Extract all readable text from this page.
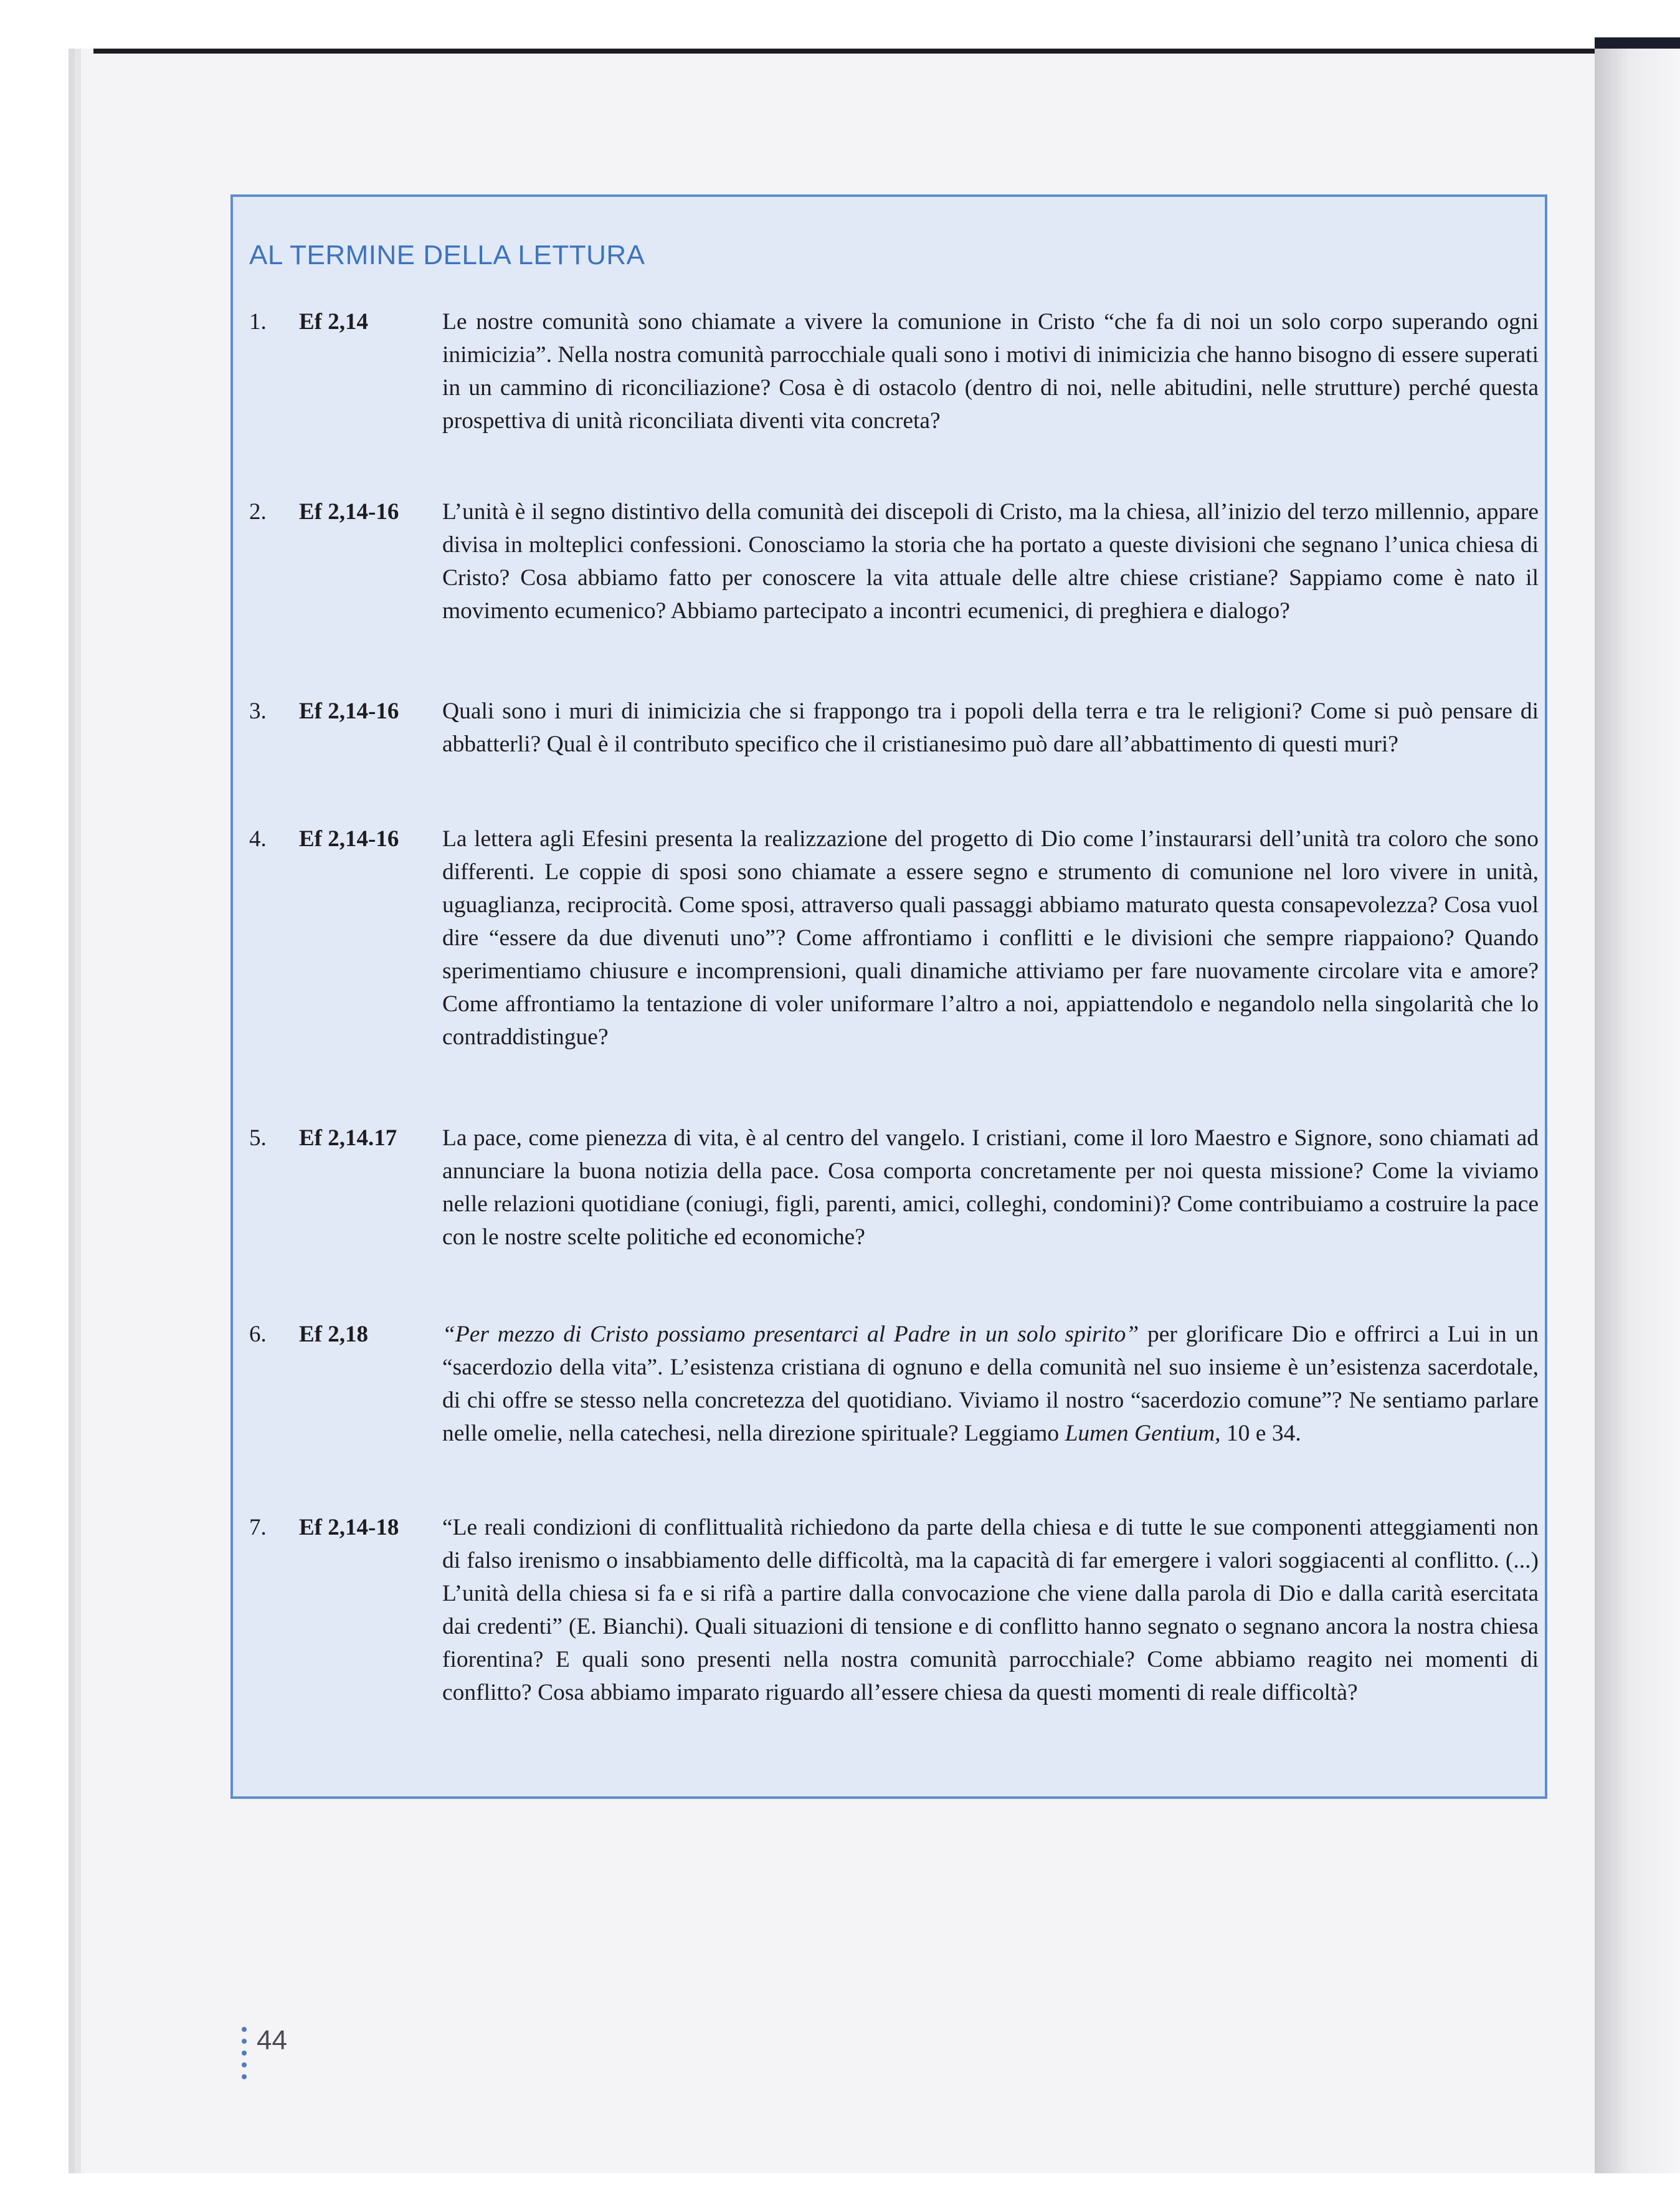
AL TERMINE DELLA LETTURA
1.	Ef 2,14	Le nostre comunità sono chiamate a vivere la comunione in Cristo “che fa di noi un solo corpo superando ogni inimicizia”. Nella nostra comunità parrocchiale quali sono i motivi di inimicizia che hanno bisogno di essere superati in un cammino di riconciliazione? Cosa è di ostacolo (dentro di noi, nelle abitudini, nelle strutture) perché questa prospettiva di unità riconciliata diventi vita concreta?
2.	Ef 2,14-16	L’unità è il segno distintivo della comunità dei discepoli di Cristo, ma la chiesa, all’inizio del terzo millennio, appare divisa in molteplici confessioni. Conosciamo la storia che ha portato a queste divisioni che segnano l’unica chiesa di Cristo? Cosa abbiamo fatto per conoscere la vita attuale delle altre chiese cristiane? Sappiamo come è nato il movimento ecumenico? Abbiamo partecipato a incontri ecumenici, di preghiera e dialogo?
3.	Ef 2,14-16	Quali sono i muri di inimicizia che si frappongo tra i popoli della terra e tra le religioni? Come si può pensare di abbatterli? Qual è il contributo specifico che il cristianesimo può dare all’abbattimento di questi muri?
4.	Ef 2,14-16	La lettera agli Efesini presenta la realizzazione del progetto di Dio come l’instaurarsi dell’unità tra coloro che sono differenti. Le coppie di sposi sono chiamate a essere segno e strumento di comunione nel loro vivere in unità, uguaglianza, reciprocità. Come sposi, attraverso quali passaggi abbiamo maturato questa consapevolezza? Cosa vuol dire “essere da due divenuti uno”? Come affrontiamo i conflitti e le divisioni che sempre riappaiono? Quando sperimentiamo chiusure e incomprensioni, quali dinamiche attiviamo per fare nuovamente circolare vita e amore? Come affrontiamo la tentazione di voler uniformare l’altro a noi, appiattendolo e negandolo nella singolarità che lo contraddistingue?
5.	Ef 2,14.17	La pace, come pienezza di vita, è al centro del vangelo. I cristiani, come il loro Maestro e Signore, sono chiamati ad annunciare la buona notizia della pace. Cosa comporta concretamente per noi questa missione? Come la viviamo nelle relazioni quotidiane (coniugi, figli, parenti, amici, colleghi, condomini)? Come contribuiamo a costruire la pace con le nostre scelte politiche ed economiche?
6.	Ef 2,18	“Per mezzo di Cristo possiamo presentarci al Padre in un solo spirito” per glorificare Dio e offrirci a Lui in un “sacerdozio della vita”. L’esistenza cristiana di ognuno e della comunità nel suo insieme è un’esistenza sacerdotale, di chi offre se stesso nella concretezza del quotidiano. Viviamo il nostro “sacerdozio comune”? Ne sentiamo parlare nelle omelie, nella catechesi, nella direzione spirituale? Leggiamo Lumen Gentium, 10 e 34.
7.	Ef 2,14-18	“Le reali condizioni di conflittualità richiedono da parte della chiesa e di tutte le sue componenti atteggiamenti non di falso irenismo o insabbiamento delle difficoltà, ma la capacità di far emergere i valori soggiacenti al conflitto. (...) L’unità della chiesa si fa e si rifà a partire dalla convocazione che viene dalla parola di Dio e dalla carità esercitata dai credenti” (E. Bianchi). Quali situazioni di tensione e di conflitto hanno segnato o segnano ancora la nostra chiesa fiorentina? E quali sono presenti nella nostra comunità parrocchiale? Come abbiamo reagito nei momenti di conflitto? Cosa abbiamo imparato riguardo all’essere chiesa da questi momenti di reale difficoltà?
44
